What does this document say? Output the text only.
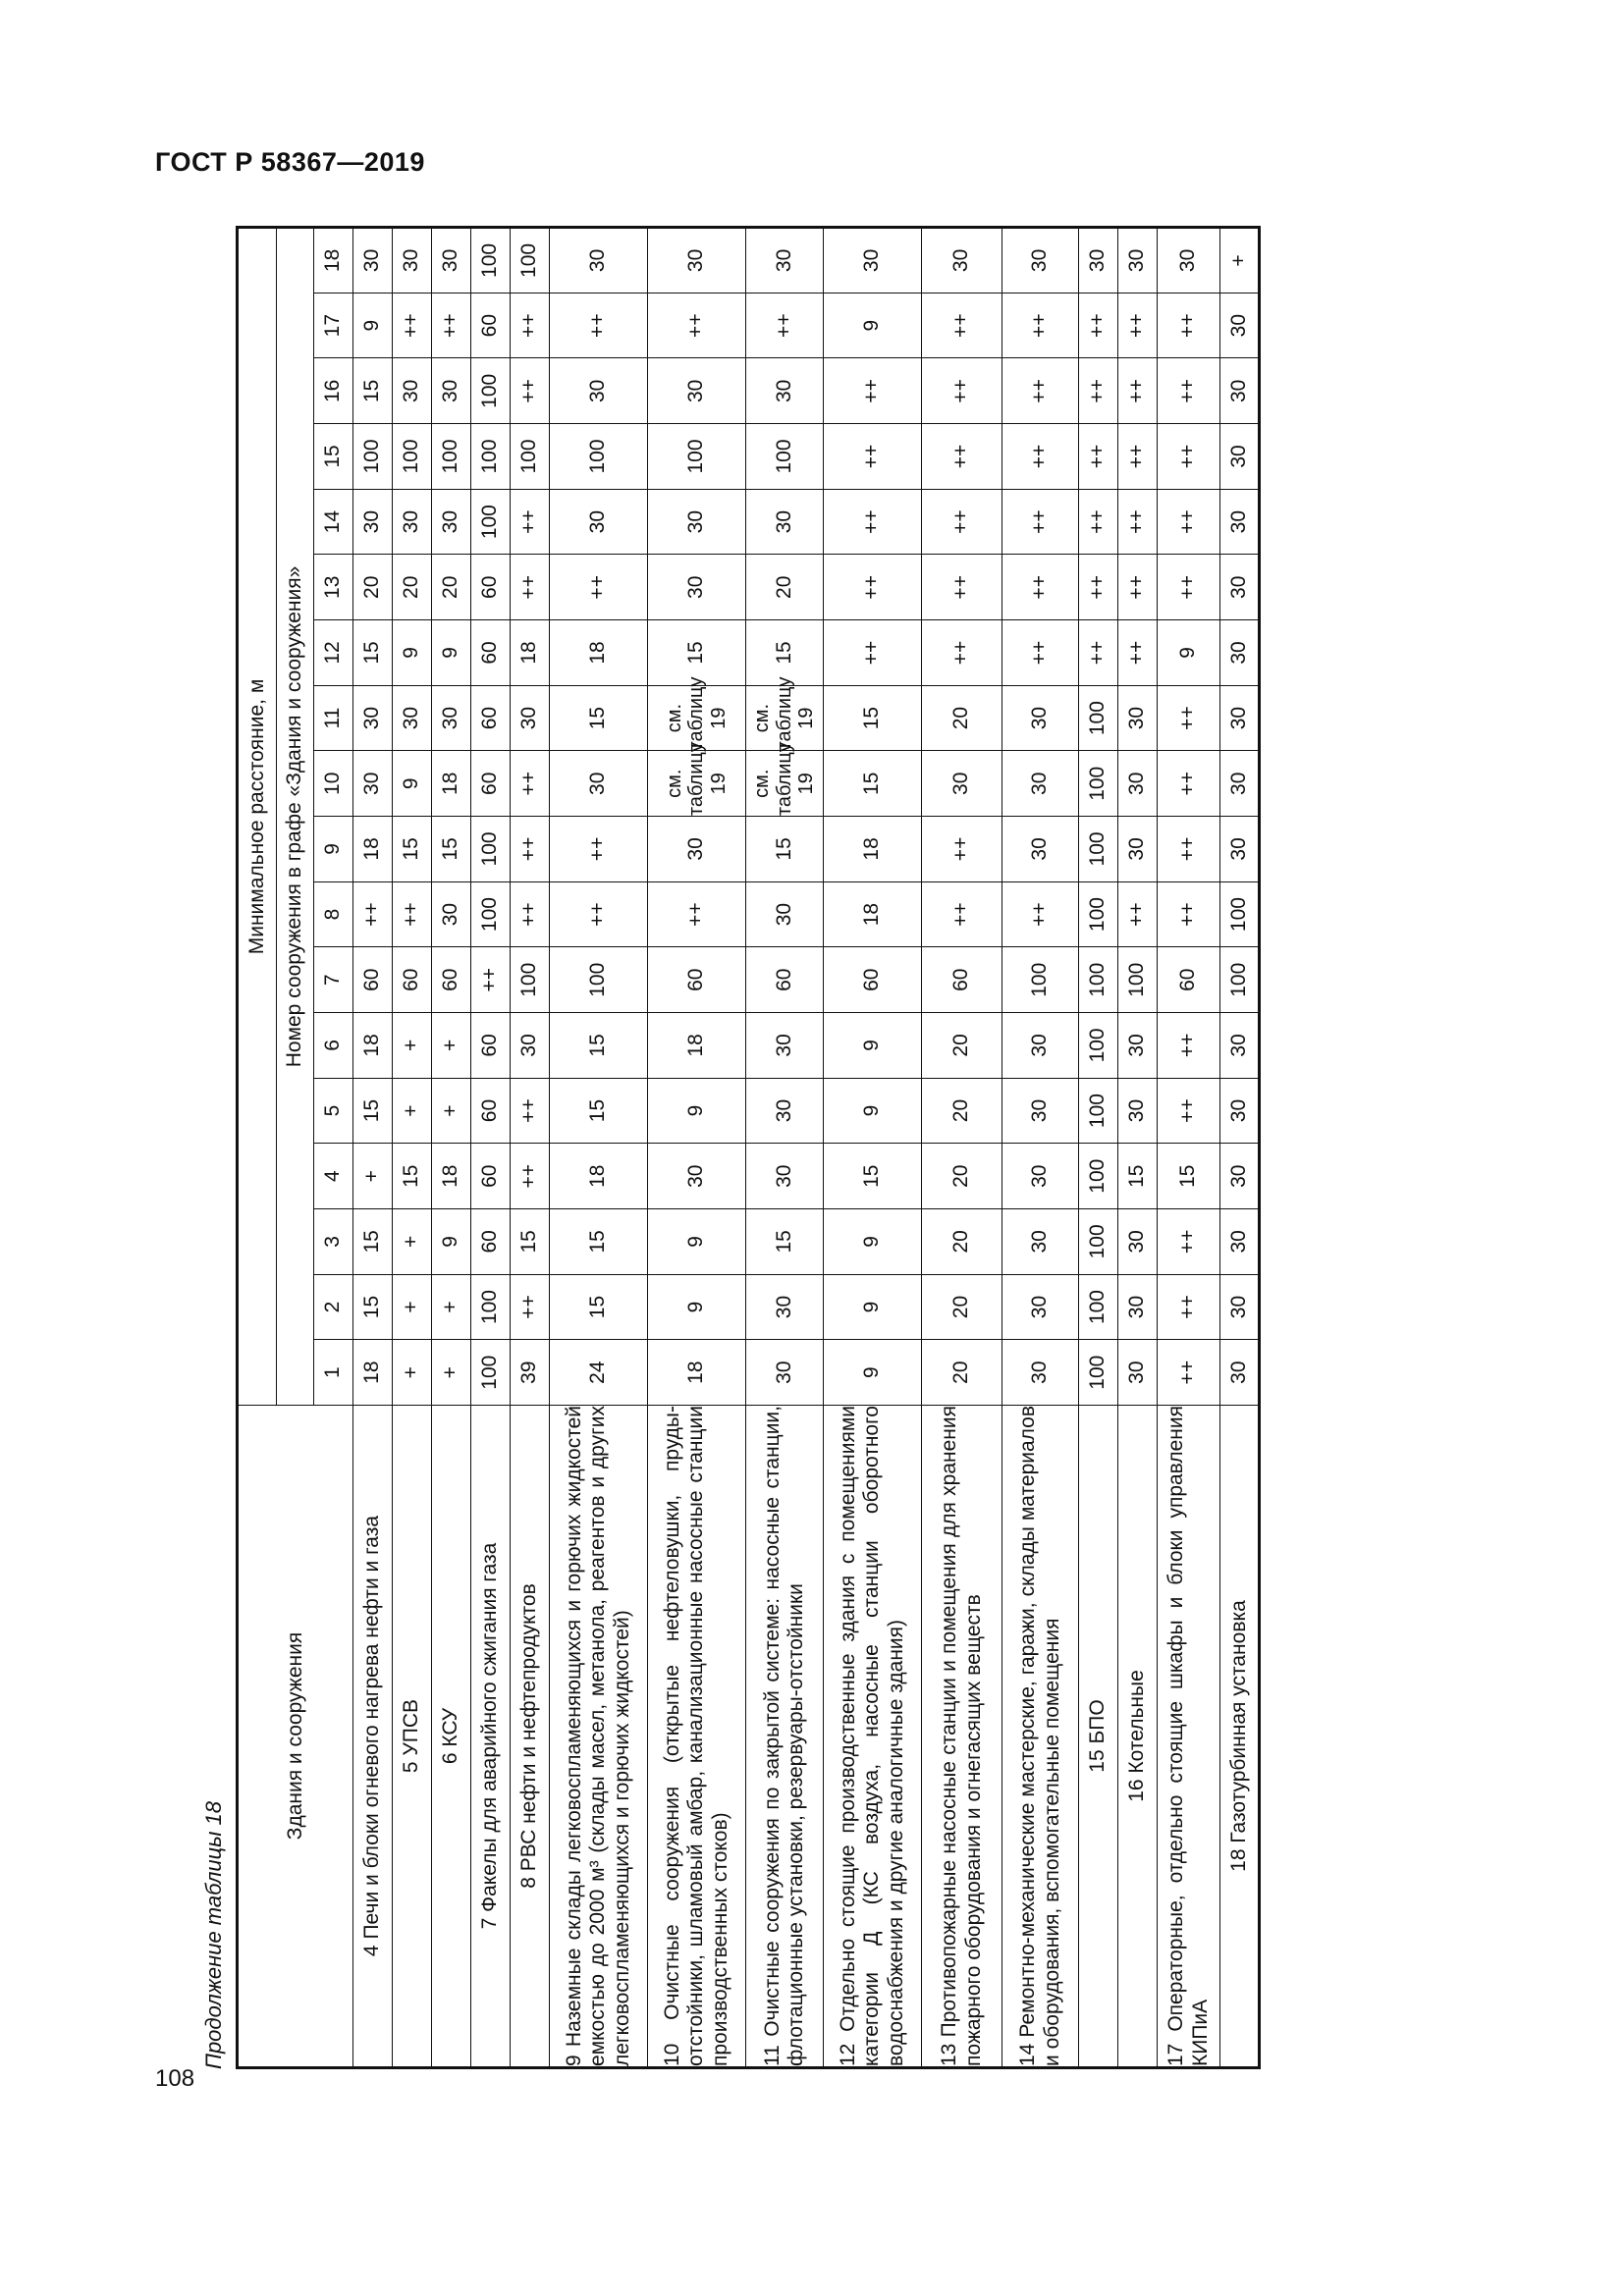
ГОСТ Р 58367—2019
Продолжение таблицы 18
Здания и сооружения	Минимальное расстояние, м																	
	Номер сооружения в графе «Здания и сооружения»																	
	1	2	3	4	5	6	7	8	9	10	11	12	13	14	15	16	17	18
4 Печи и блоки огневого нагрева нефти и газа	18	15	15	+	15	18	60	++	18	30	30	15	20	30	100	15	9	30
5 УПСВ	+	+	+	15	+	+	60	++	15	9	30	9	20	30	100	30	++	30
6 КСУ	+	+	9	18	+	+	60	30	15	18	30	9	20	30	100	30	++	30
7 Факелы для аварийного сжигания газа	100	100	60	60	60	60	++	100	100	60	60	60	60	100	100	100	60	100
8 РВС нефти и нефтепродуктов	39	++	15	++	++	30	100	++	++	++	30	18	++	++	100	++	++	100
9 Наземные склады легковоспламеняющихся и горючих жидкостей емкостью до 2000 м³ (склады масел, метанола, реагентов и других легковоспламеняющихся и горючих жидкостей)	24	15	15	18	15	15	100	++	++	30	15	18	++	30	100	30	++	30
10 Очистные сооружения (открытые нефтеловушки, пруды-отстойники, шламовый амбар, канализационные насосные станции производственных стоков)	18	9	9	30	9	18	60	++	30	см. таблицу 19	см. таблицу 19	15	30	30	100	30	++	30
11 Очистные сооружения по закрытой системе: насосные станции, флотационные установки, резервуары-отстойники	30	30	15	30	30	30	60	30	15	см. таблицу 19	см. таблицу 19	15	20	30	100	30	++	30
12 Отдельно стоящие производственные здания с помещениями категории Д (КС воздуха, насосные станции оборотного водоснабжения и другие аналогичные здания)	9	9	9	15	9	9	60	18	18	15	15	++	++	++	++	++	9	30
13 Противопожарные насосные станции и помещения для хранения пожарного оборудования и огнегасящих веществ	20	20	20	20	20	20	60	++	++	30	20	++	++	++	++	++	++	30
14 Ремонтно-механические мастерские, гаражи, склады материалов и оборудования, вспомогательные помещения	30	30	30	30	30	30	100	++	30	30	30	++	++	++	++	++	++	30
15 БПО	100	100	100	100	100	100	100	100	100	100	100	++	++	++	++	++	++	30
16 Котельные	30	30	30	15	30	30	100	++	30	30	30	++	++	++	++	++	++	30
17 Операторные, отдельно стоящие шкафы и блоки управления КИПиА	++	++	++	15	++	++	60	++	++	++	++	9	++	++	++	++	++	30
18 Газотурбинная установка	30	30	30	30	30	30	100	100	30	30	30	30	30	30	30	30	30	+
108
